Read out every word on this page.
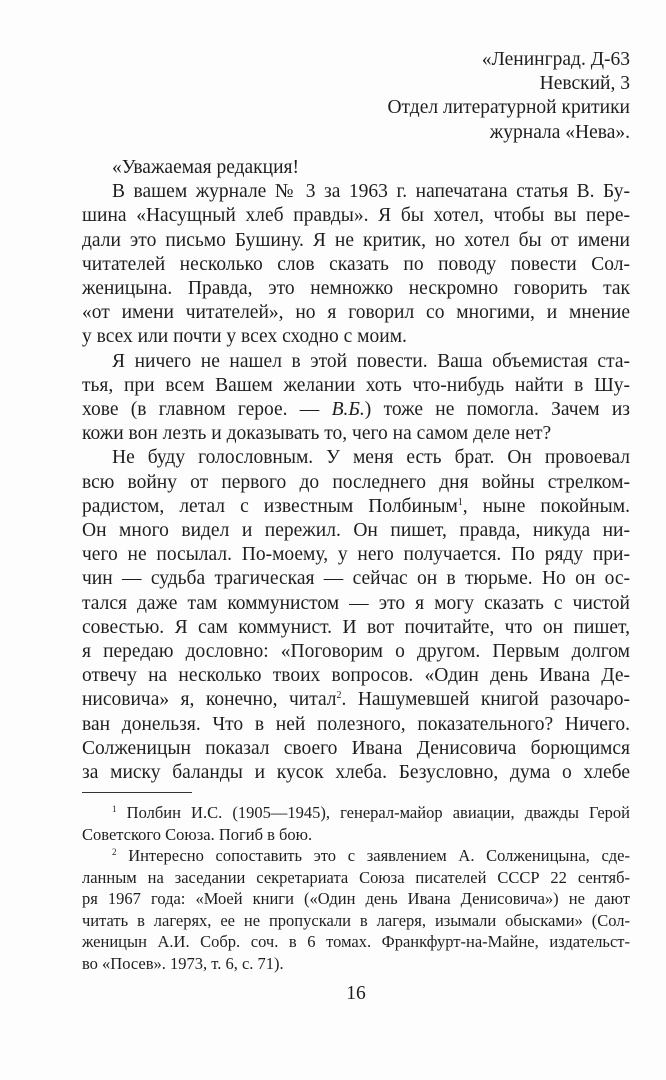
«Ленинград. Д-63
Невский, 3
Отдел литературной критики
журнала «Нева».
«Уважаемая редакция!
В вашем журнале № 3 за 1963 г. напечатана статья В. Бу-
шина «Насущный хлеб правды». Я бы хотел, чтобы вы пере-
дали это письмо Бушину. Я не критик, но хотел бы от имени
читателей несколько слов сказать по поводу повести Сол-
женицына. Правда, это немножко нескромно говорить так
«от имени читателей», но я говорил со многими, и мнение
у всех или почти у всех сходно с моим.
Я ничего не нашел в этой повести. Ваша объемистая ста-
тья, при всем Вашем желании хоть что-нибудь найти в Шу-
хове (в главном герое. — В.Б.) тоже не помогла. Зачем из
кожи вон лезть и доказывать то, чего на самом деле нет?
Не буду голословным. У меня есть брат. Он провоевал
всю войну от первого до последнего дня войны стрелком-
радистом, летал с известным Полбиным$^1$, ныне покойным.
Он много видел и пережил. Он пишет, правда, никуда ни-
чего не посылал. По-моему, у него получается. По ряду при-
чин — судьба трагическая — сейчас он в тюрьме. Но он ос-
тался даже там коммунистом — это я могу сказать с чистой
совестью. Я сам коммунист. И вот почитайте, что он пишет,
я передаю дословно: «Поговорим о другом. Первым долгом
отвечу на несколько твоих вопросов. «Один день Ивана Де-
нисовича» я, конечно, читал$^2$. Нашумевшей книгой разочаро-
ван донельзя. Что в ней полезного, показательного? Ничего.
Солженицын показал своего Ивана Денисовича борющимся
за миску баланды и кусок хлеба. Безусловно, дума о хлебе
$^1$ Полбин И.С. (1905—1945), генерал-майор авиации, дважды Герой
Советского Союза. Погиб в бою.
$^2$ Интересно сопоставить это с заявлением А. Солженицына, сде-
ланным на заседании секретариата Союза писателей СССР 22 сентяб-
ря 1967 года: «Моей книги («Один день Ивана Денисовича») не дают
читать в лагерях, ее не пропускали в лагеря, изымали обысками» (Сол-
женицын А.И. Собр. соч. в 6 томах. Франкфурт-на-Майне, издательст-
во «Посев». 1973, т. 6, с. 71).
16
